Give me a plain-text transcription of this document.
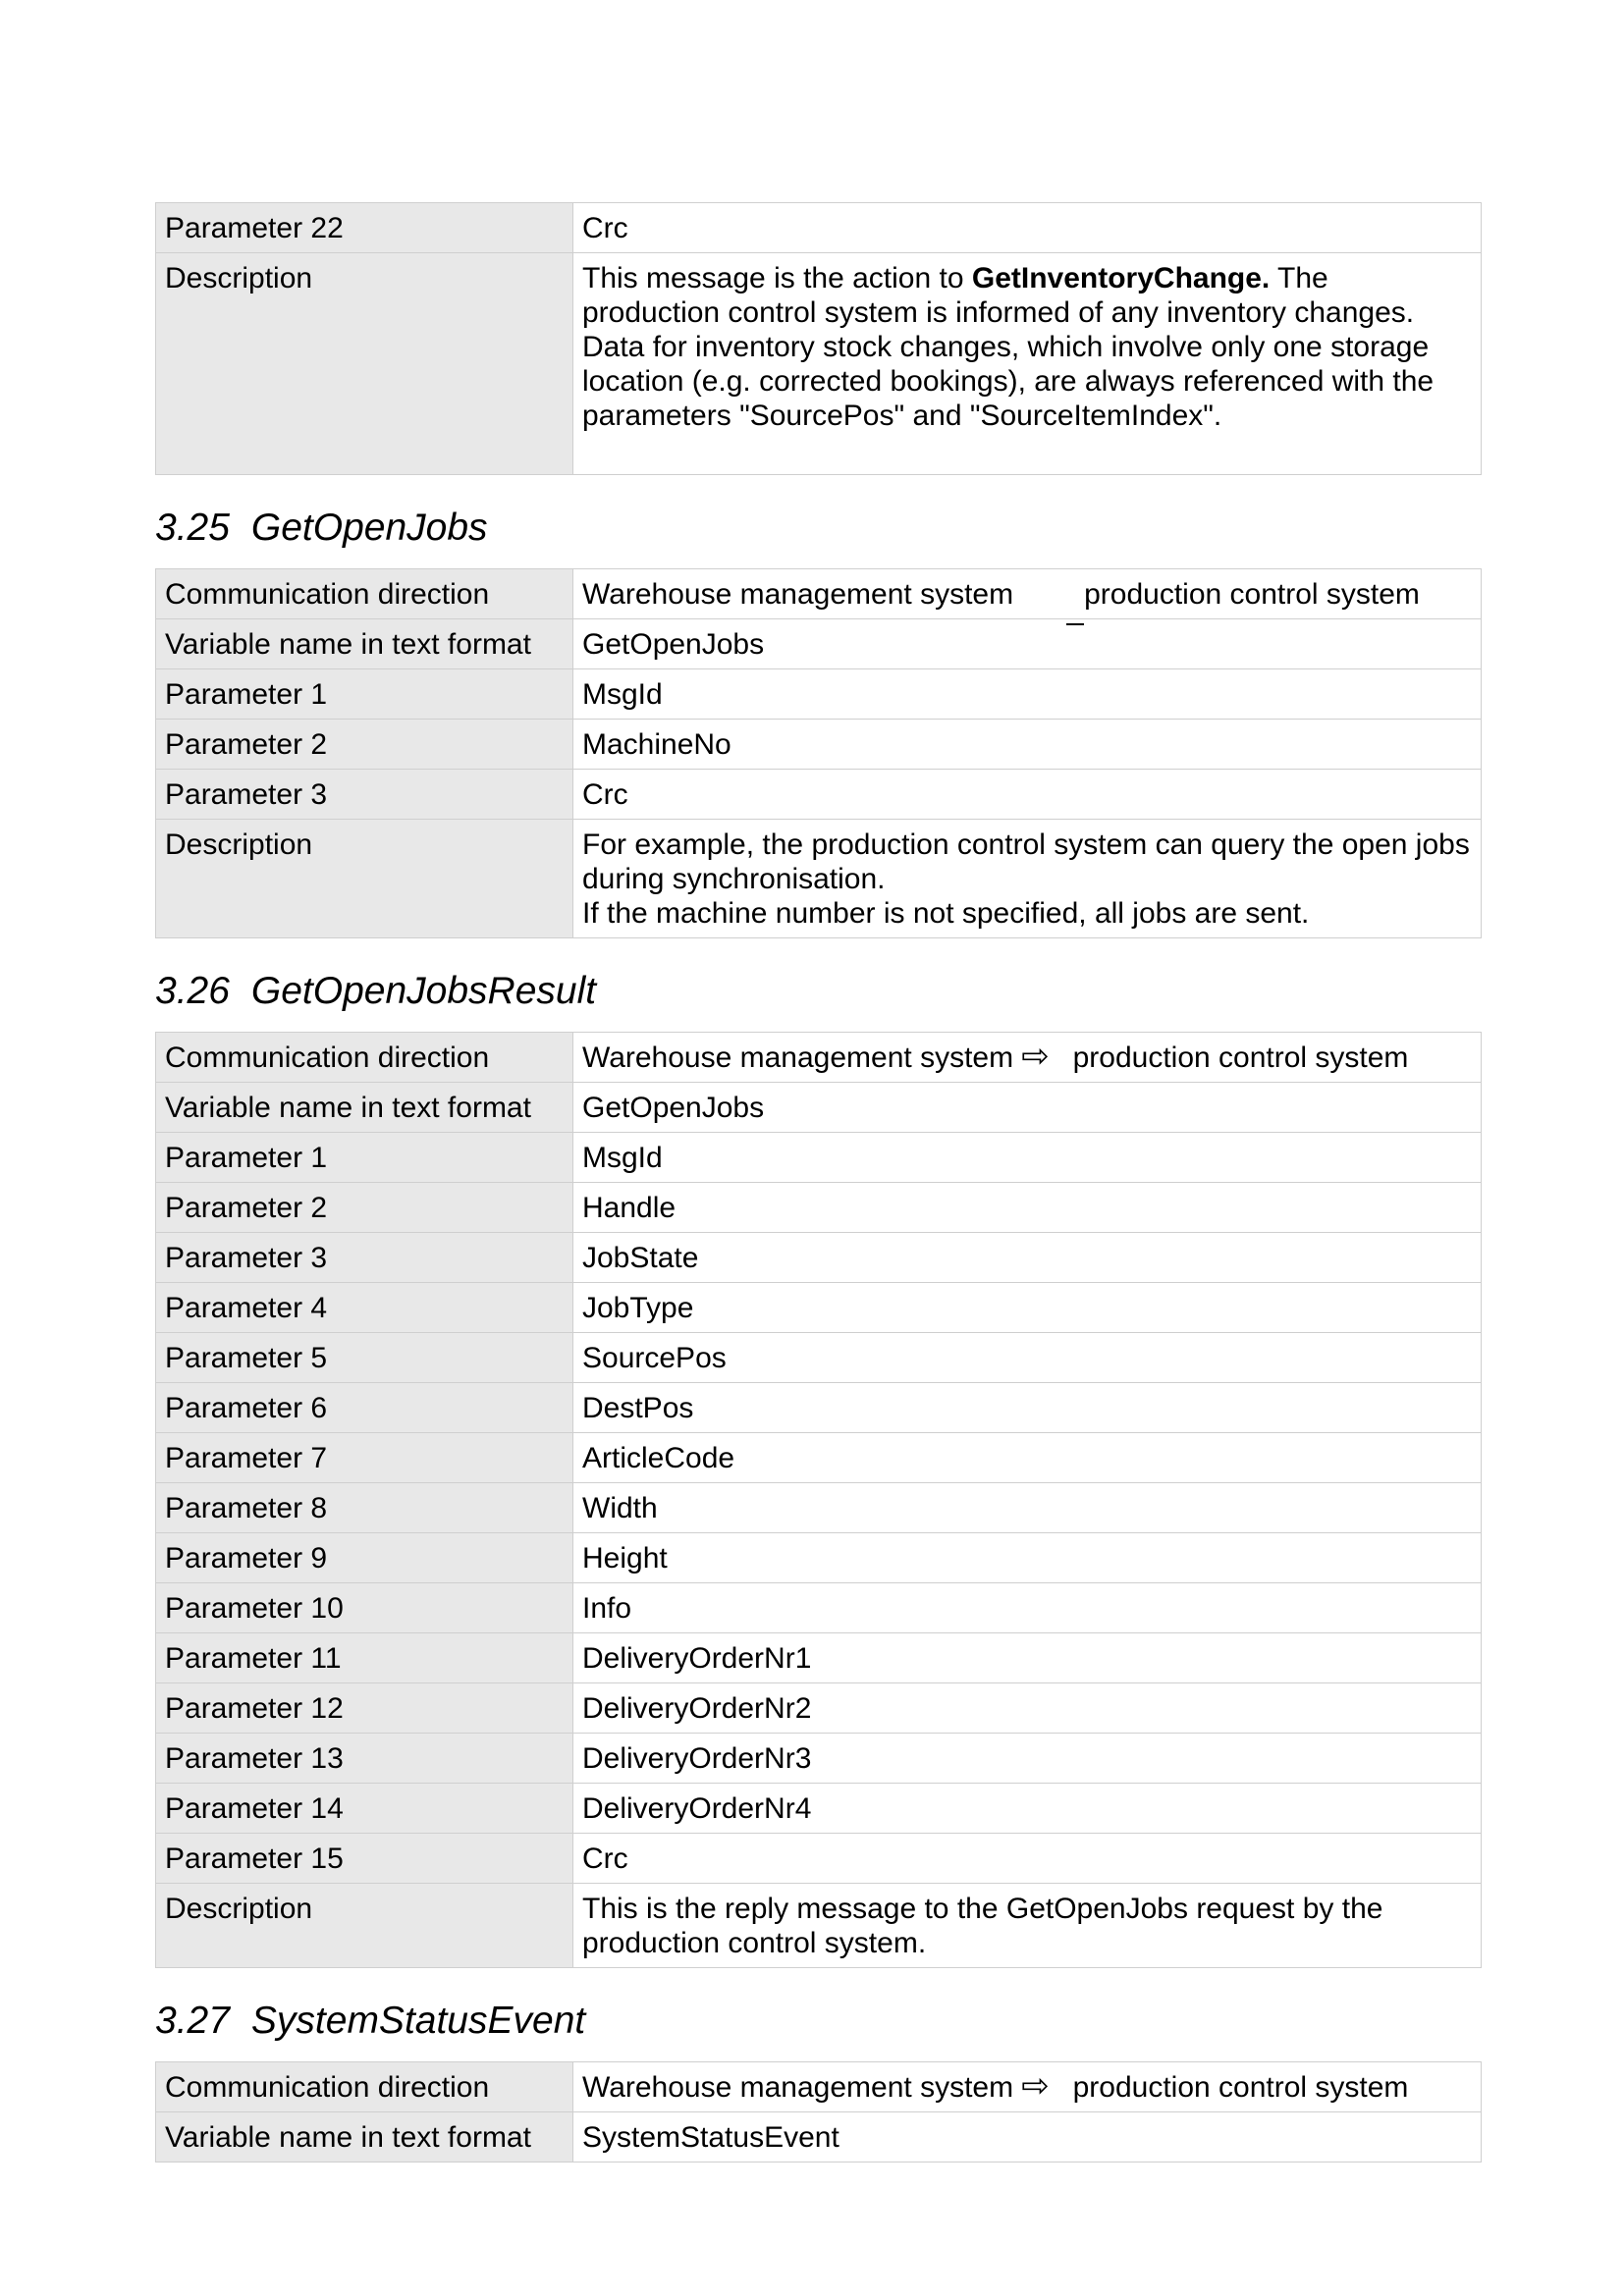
Parameter 22	Crc
Description	This message is the action to GetInventoryChange. The production control system is informed of any inventory changes. Data for inventory stock changes, which involve only one storage location (e.g. corrected bookings), are always referenced with the parameters "SourcePos" and "SourceItemIndex".
3.25 GetOpenJobs
Communication direction	Warehouse management system production control system
Variable name in text format	GetOpenJobs
Parameter 1	MsgId
Parameter 2	MachineNo
Parameter 3	Crc
Description	For example, the production control system can query the open jobs during synchronisation.
If the machine number is not specified, all jobs are sent.
3.26 GetOpenJobsResult
Communication direction	Warehouse management system ⇨ production control system
Variable name in text format	GetOpenJobs
Parameter 1	MsgId
Parameter 2	Handle
Parameter 3	JobState
Parameter 4	JobType
Parameter 5	SourcePos
Parameter 6	DestPos
Parameter 7	ArticleCode
Parameter 8	Width
Parameter 9	Height
Parameter 10	Info
Parameter 11	DeliveryOrderNr1
Parameter 12	DeliveryOrderNr2
Parameter 13	DeliveryOrderNr3
Parameter 14	DeliveryOrderNr4
Parameter 15	Crc
Description	This is the reply message to the GetOpenJobs request by the production control system.
3.27 SystemStatusEvent
Communication direction	Warehouse management system ⇨ production control system
Variable name in text format	SystemStatusEvent
